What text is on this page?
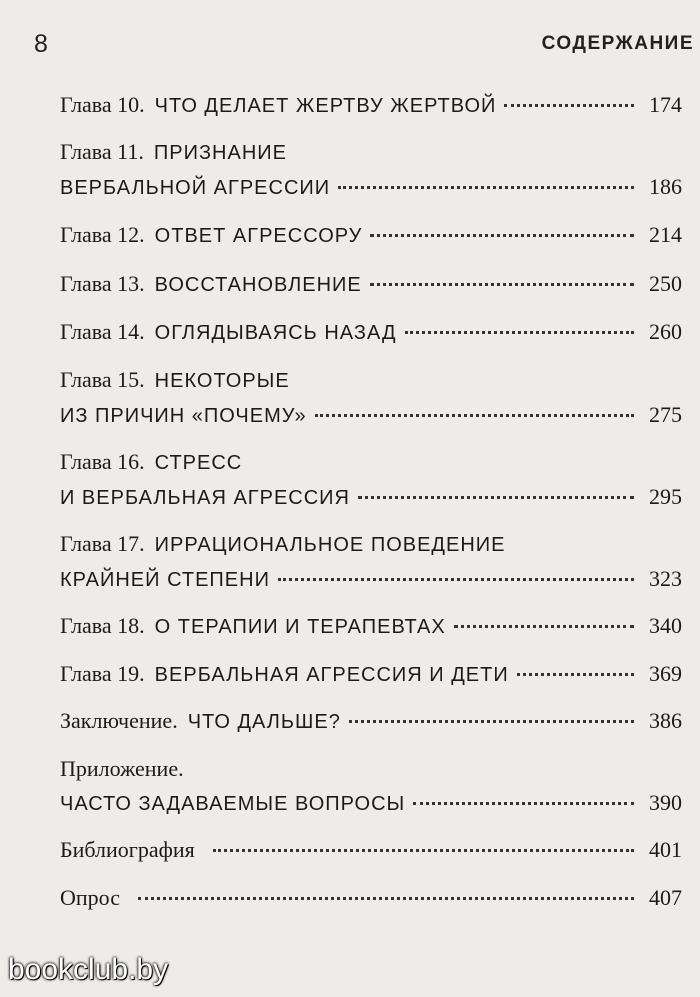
8	СОДЕРЖАНИЕ
Глава 10. ЧТО ДЕЛАЕТ ЖЕРТВУ ЖЕРТВОЙ	174
Глава 11. ПРИЗНАНИЕ
ВЕРБАЛЬНОЙ АГРЕССИИ	186
Глава 12. ОТВЕТ АГРЕССОРУ	214
Глава 13. ВОССТАНОВЛЕНИЕ	250
Глава 14. ОГЛЯДЫВАЯСЬ НАЗАД	260
Глава 15. НЕКОТОРЫЕ
ИЗ ПРИЧИН «ПОЧЕМУ»	275
Глава 16. СТРЕСС
И ВЕРБАЛЬНАЯ АГРЕССИЯ	295
Глава 17. ИРРАЦИОНАЛЬНОЕ ПОВЕДЕНИЕ
КРАЙНЕЙ СТЕПЕНИ	323
Глава 18. О ТЕРАПИИ И ТЕРАПЕВТАХ	340
Глава 19. ВЕРБАЛЬНАЯ АГРЕССИЯ И ДЕТИ	369
Заключение. ЧТО ДАЛЬШЕ?	386
Приложение.
ЧАСТО ЗАДАВАЕМЫЕ ВОПРОСЫ	390
Библиография	401
Опрос	407
bookclub.by
